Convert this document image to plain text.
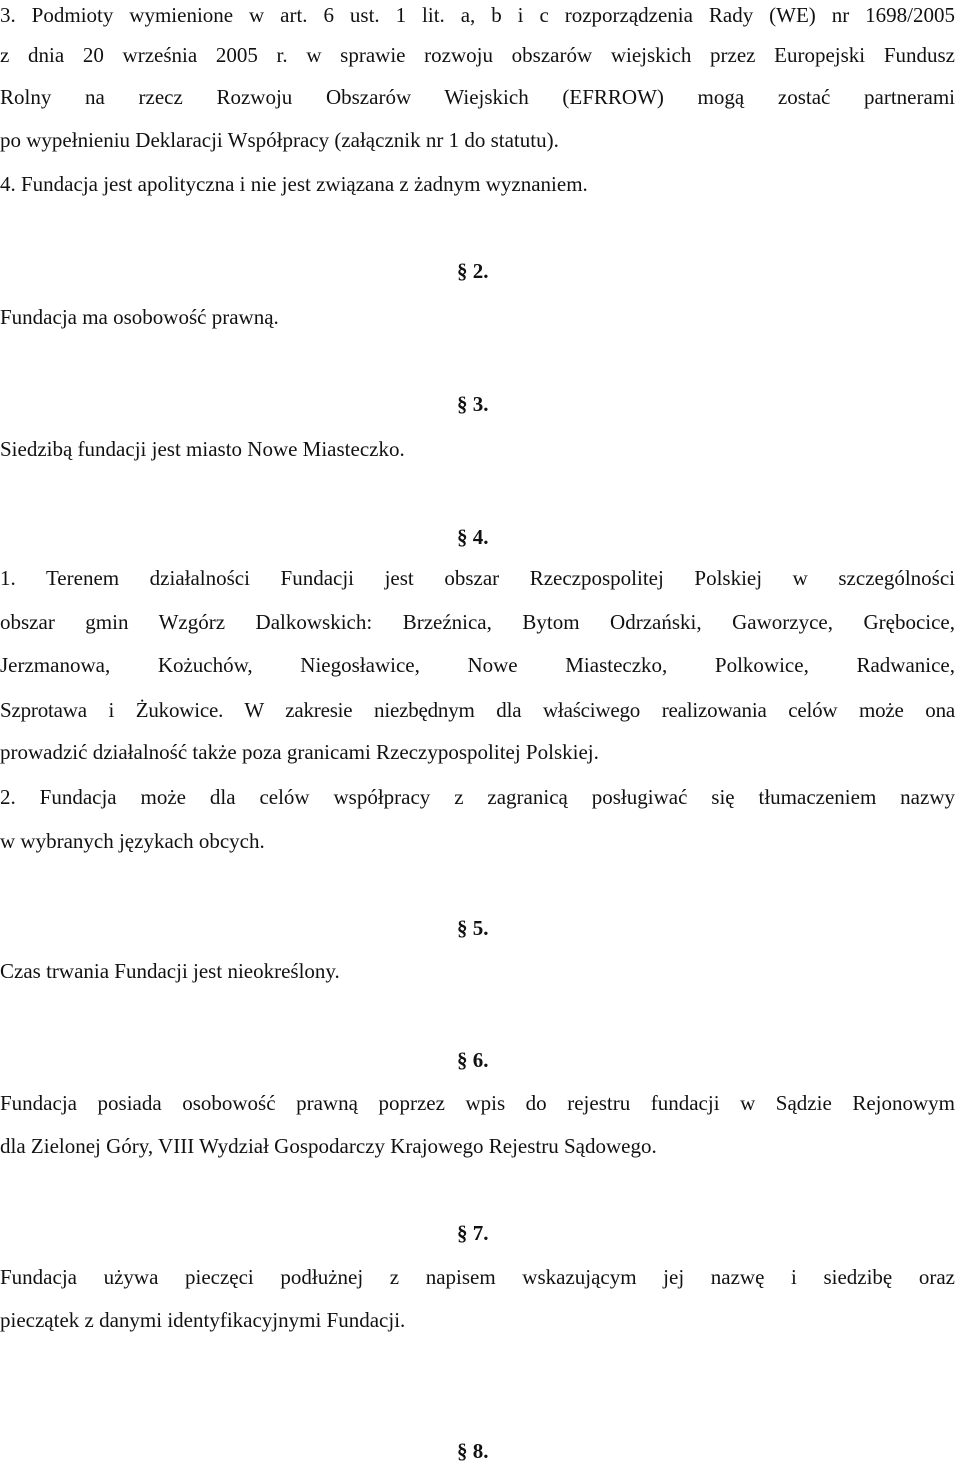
3. Podmioty wymienione w art. 6 ust. 1 lit. a, b i c rozporządzenia Rady (WE) nr 1698/2005
z dnia 20 września 2005 r. w sprawie rozwoju obszarów wiejskich przez Europejski Fundusz
Rolny na rzecz Rozwoju Obszarów Wiejskich (EFRROW) mogą zostać partnerami
po wypełnieniu Deklaracji Współpracy (załącznik nr 1 do statutu).
4. Fundacja jest apolityczna i nie jest związana z żadnym wyznaniem.
§ 2.
Fundacja ma osobowość prawną.
§ 3.
Siedzibą fundacji jest miasto Nowe Miasteczko.
§ 4.
1. Terenem działalności Fundacji jest obszar Rzeczpospolitej Polskiej w szczególności
obszar gmin Wzgórz Dalkowskich: Brzeźnica, Bytom Odrzański, Gaworzyce, Grębocice,
Jerzmanowa, Kożuchów, Niegosławice, Nowe Miasteczko, Polkowice, Radwanice,
Szprotawa i Żukowice. W zakresie niezbędnym dla właściwego realizowania celów może ona
prowadzić działalność także poza granicami Rzeczypospolitej Polskiej.
2. Fundacja może dla celów współpracy z zagranicą posługiwać się tłumaczeniem nazwy
w wybranych językach obcych.
§ 5.
Czas trwania Fundacji jest nieokreślony.
§ 6.
Fundacja posiada osobowość prawną poprzez wpis do rejestru fundacji w Sądzie Rejonowym
dla Zielonej Góry, VIII Wydział Gospodarczy Krajowego Rejestru Sądowego.
§ 7.
Fundacja używa pieczęci podłużnej z napisem wskazującym jej nazwę i siedzibę oraz
pieczątek z danymi identyfikacyjnymi Fundacji.
§ 8.
